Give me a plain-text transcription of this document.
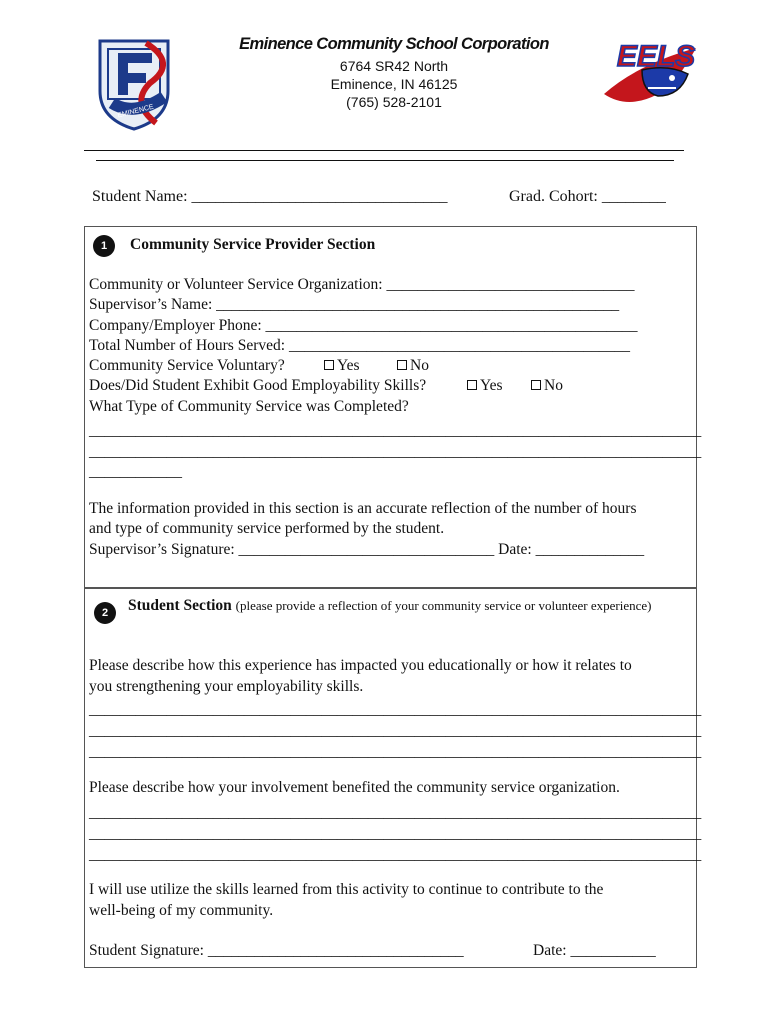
EMINENCE
Eminence Community School Corporation
6764 SR42 North
Eminence, IN 46125
(765) 528-2101
EELS
Student Name: ________________________________	Grad. Cohort: ________
1	Community Service Provider Section
Community or Volunteer Service Organization: ________________________________
Supervisor’s Name: ____________________________________________________
Company/Employer Phone: ________________________________________________
Total Number of Hours Served: ____________________________________________
Community Service Voluntary?	Yes	No
Does/Did Student Exhibit Good Employability Skills?	Yes	No
What Type of Community Service was Completed?
_______________________________________________________________________________
_______________________________________________________________________________
____________
The information provided in this section is an accurate reflection of the number of hours
and type of community service performed by the student.
Supervisor’s Signature: _________________________________ Date: ______________
2	Student Section (please provide a reflection of your community service or volunteer experience)
Please describe how this experience has impacted you educationally or how it relates to
you strengthening your employability skills.
_______________________________________________________________________________
_______________________________________________________________________________
_______________________________________________________________________________
Please describe how your involvement benefited the community service organization.
_______________________________________________________________________________
_______________________________________________________________________________
_______________________________________________________________________________
I will use utilize the skills learned from this activity to continue to contribute to the
well-being of my community.
Student Signature: _________________________________	Date: ___________
